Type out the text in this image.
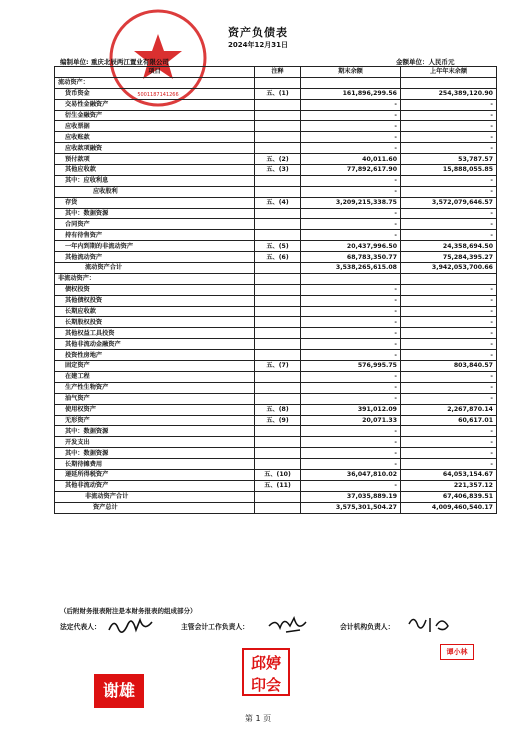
5001187141266
资产负债表
2024年12月31日
编制单位: 重庆北辰两江置业有限公司	金额单位：人民币元
项目	注释	期末余额	上年年末余额
流动资产：			
货币资金	五、(1)	161,896,299.56	254,389,120.90
交易性金融资产		-	-
衍生金融资产		-	-
应收票据		-	-
应收账款		-	-
应收款项融资		-	-
预付款项	五、(2)	40,011.60	53,787.57
其他应收款	五、(3)	77,892,617.90	15,888,055.85
其中：应收利息		-	-
应收股利		-	-
存货	五、(4)	3,209,215,338.75	3,572,079,646.57
其中：数据资源		-	-
合同资产		-	-
持有待售资产		-	-
一年内到期的非流动资产	五、(5)	20,437,996.50	24,358,694.50
其他流动资产	五、(6)	68,783,350.77	75,284,395.27
流动资产合计		3,538,265,615.08	3,942,053,700.66
非流动资产：			
债权投资		-	-
其他债权投资		-	-
长期应收款		-	-
长期股权投资		-	-
其他权益工具投资		-	-
其他非流动金融资产		-	-
投资性房地产		-	-
固定资产	五、(7)	576,995.75	803,840.57
在建工程		-	-
生产性生物资产		-	-
油气资产		-	-
使用权资产	五、(8)	391,012.09	2,267,870.14
无形资产	五、(9)	20,071.33	60,617.01
其中：数据资源		-	-
开发支出		-	-
其中：数据资源		-	-
长期待摊费用		-	-
递延所得税资产	五、(10)	36,047,810.02	64,053,154.67
其他非流动资产	五、(11)	-	221,357.12
非流动资产合计		37,035,889.19	67,406,839.51
资产总计		3,575,301,504.27	4,009,460,540.17
（后附财务报表附注是本财务报表的组成部分）
法定代表人：	主管会计工作负责人：	会计机构负责人：
谭小林
邱婷印会
谢雄
第 1 页
